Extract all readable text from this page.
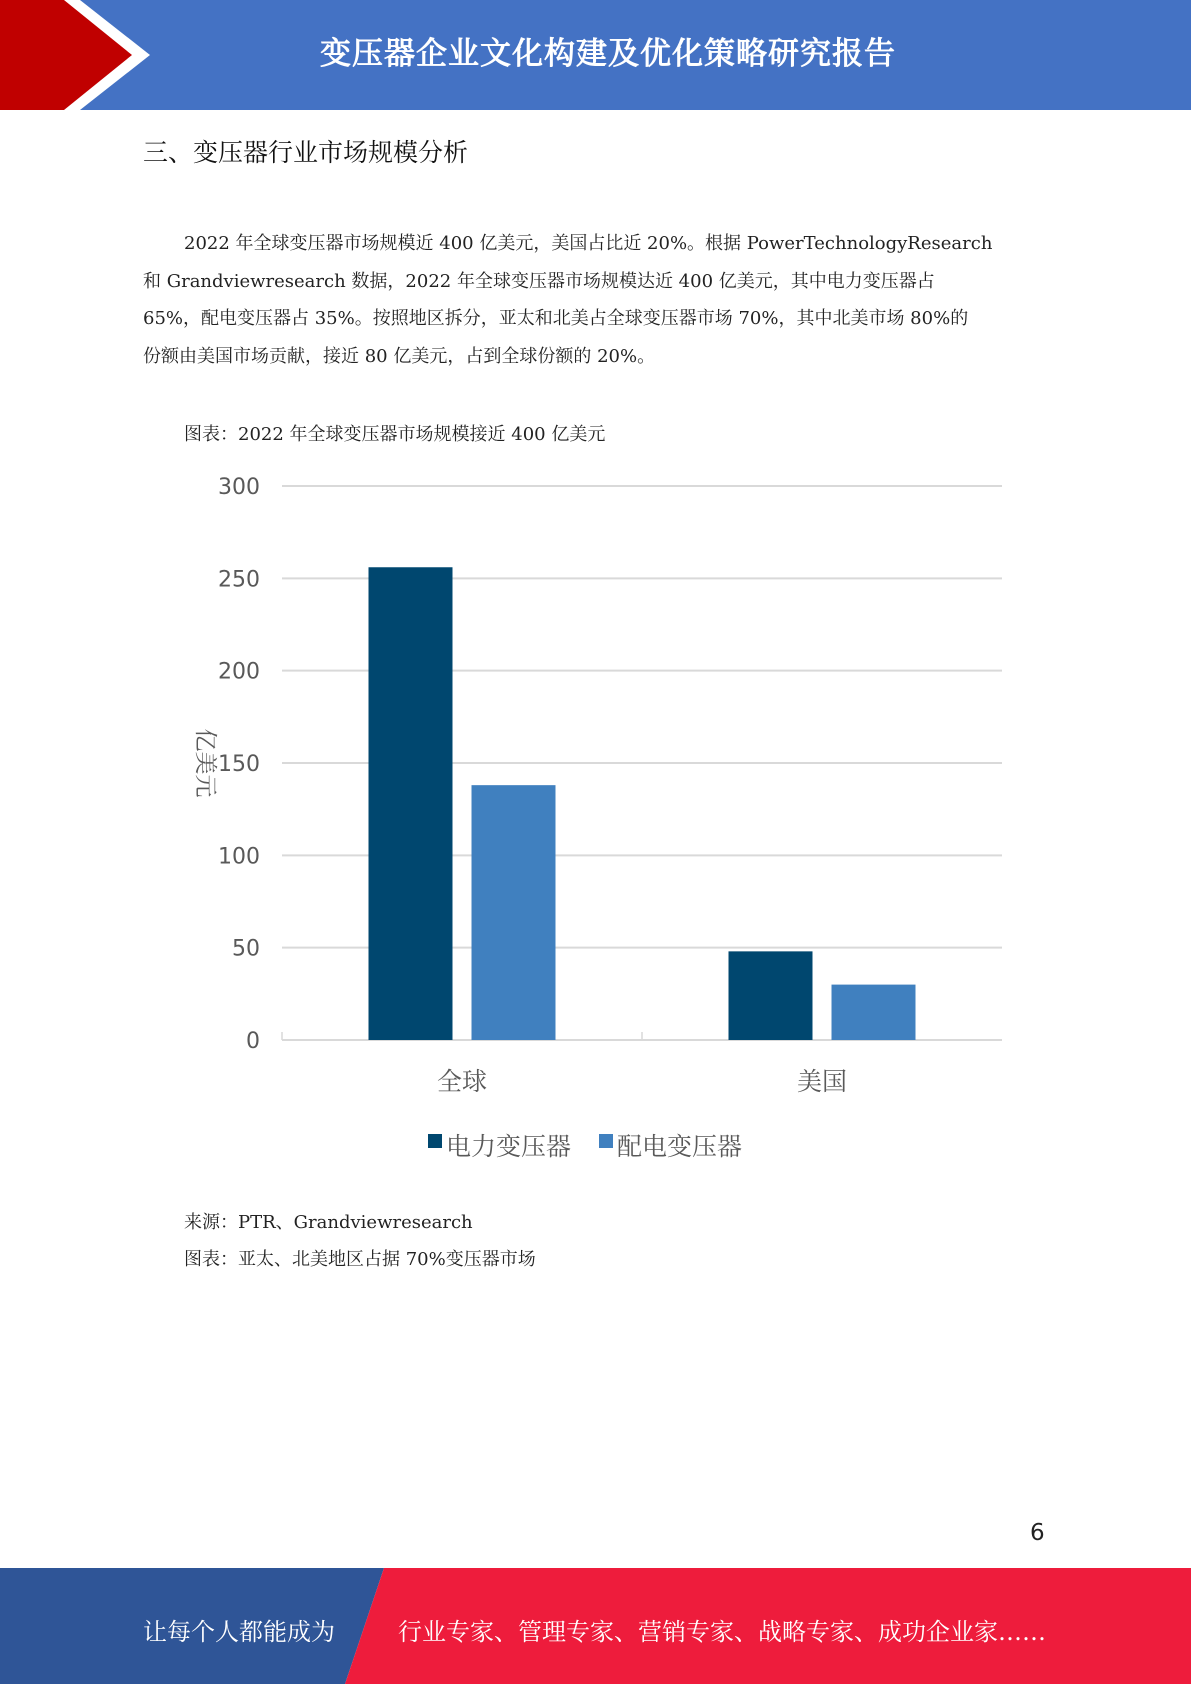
变压器企业文化构建及优化策略研究报告
三、变压器行业市场规模分析
2022 年全球变压器市场规模近 400 亿美元，美国占比近 20%。根据 PowerTechnologyResearch
和 Grandviewresearch 数据，2022 年全球变压器市场规模达近 400 亿美元，其中电力变压器占
65%，配电变压器占 35%。按照地区拆分，亚太和北美占全球变压器市场 70%，其中北美市场 80%的
份额由美国市场贡献，接近 80 亿美元，占到全球份额的 20%。
图表：2022 年全球变压器市场规模接近 400 亿美元
0
50
100
150
200
250
300
全球	美国
亿美元
电力变压器 配电变压器
来源：PTR、Grandviewresearch
图表：亚太、北美地区占据 70%变压器市场
6
让每个人都能成为	行业专家、管理专家、营销专家、战略专家、成功企业家……
